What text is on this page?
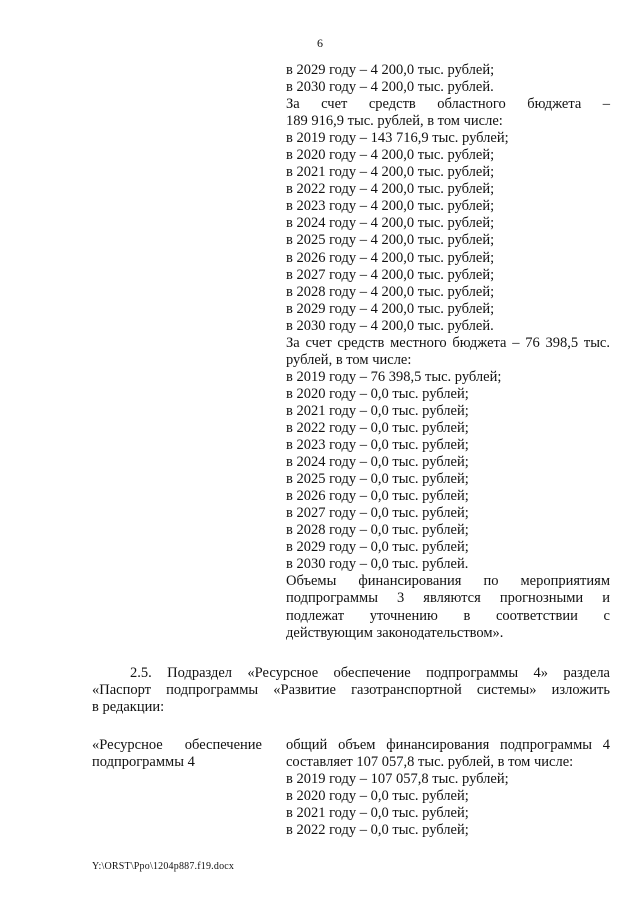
6
в 2029 году – 4 200,0 тыс. рублей;
в 2030 году – 4 200,0 тыс. рублей.
За счет средств областного бюджета –
189 916,9 тыс. рублей, в том числе:
в 2019 году – 143 716,9 тыс. рублей;
в 2020 году – 4 200,0 тыс. рублей;
в 2021 году – 4 200,0 тыс. рублей;
в 2022 году – 4 200,0 тыс. рублей;
в 2023 году – 4 200,0 тыс. рублей;
в 2024 году – 4 200,0 тыс. рублей;
в 2025 году – 4 200,0 тыс. рублей;
в 2026 году – 4 200,0 тыс. рублей;
в 2027 году – 4 200,0 тыс. рублей;
в 2028 году – 4 200,0 тыс. рублей;
в 2029 году – 4 200,0 тыс. рублей;
в 2030 году – 4 200,0 тыс. рублей.
За счет средств местного бюджета – 76 398,5 тыс.
рублей, в том числе:
в 2019 году – 76 398,5 тыс. рублей;
в 2020 году – 0,0 тыс. рублей;
в 2021 году – 0,0 тыс. рублей;
в 2022 году – 0,0 тыс. рублей;
в 2023 году – 0,0 тыс. рублей;
в 2024 году – 0,0 тыс. рублей;
в 2025 году – 0,0 тыс. рублей;
в 2026 году – 0,0 тыс. рублей;
в 2027 году – 0,0 тыс. рублей;
в 2028 году – 0,0 тыс. рублей;
в 2029 году – 0,0 тыс. рублей;
в 2030 году – 0,0 тыс. рублей.
Объемы финансирования по мероприятиям
подпрограммы 3 являются прогнозными и
подлежат уточнению в соответствии с
действующим законодательством».
2.5. Подраздел «Ресурсное обеспечение подпрограммы 4» раздела
«Паспорт подпрограммы «Развитие газотранспортной системы» изложить
в редакции:
«Ресурсное обеспечение
подпрограммы 4
общий объем финансирования подпрограммы 4
составляет 107 057,8 тыс. рублей, в том числе:
в 2019 году – 107 057,8 тыс. рублей;
в 2020 году – 0,0 тыс. рублей;
в 2021 году – 0,0 тыс. рублей;
в 2022 году – 0,0 тыс. рублей;
Y:\ORST\Ppo\1204p887.f19.docx
